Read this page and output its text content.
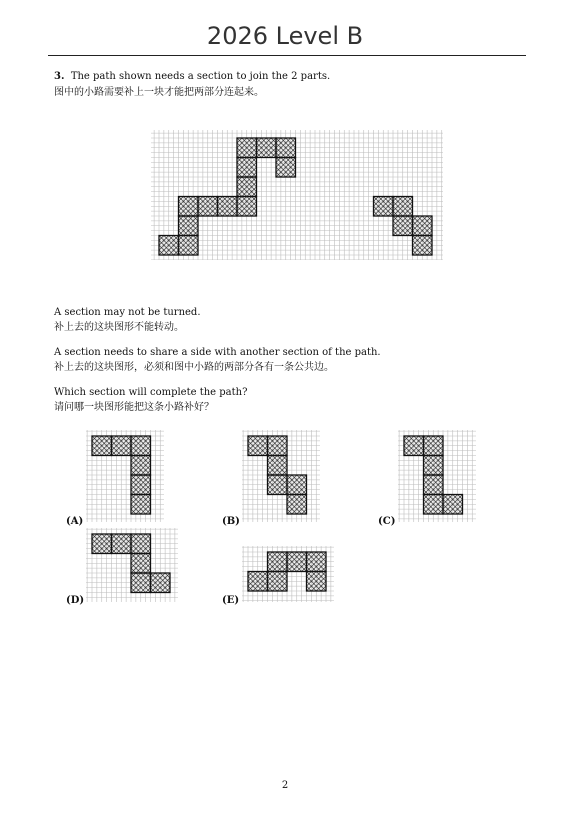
2026 Level B
3. The path shown needs a section to join the 2 parts.
图中的小路需要补上一块才能把两部分连起来。
A section may not be turned.
补上去的这块图形不能转动。
A section needs to share a side with another section of the path.
补上去的这块图形，必须和图中小路的两部分各有一条公共边。
Which section will complete the path?
请问哪一块图形能把这条小路补好？
(A)	(B)	(C)
(D)	(E)
2
